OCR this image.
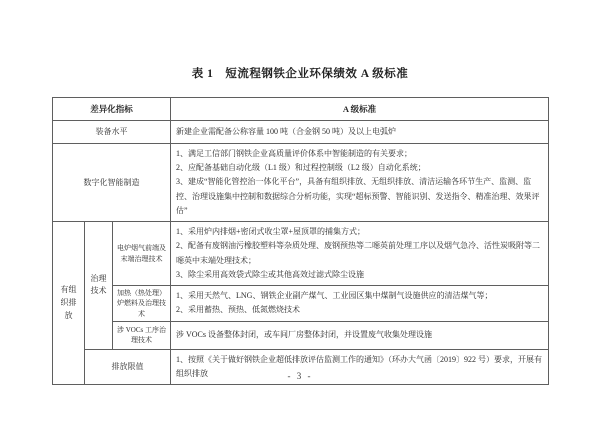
表 1　短流程钢铁企业环保绩效 A 级标准
差异化指标			A 级标准
装备水平			新建企业需配备公称容量 100 吨（合金钢 50 吨）及以上电弧炉

数字化智能制造			1、满足工信部门钢铁企业高质量评价体系中智能制造的有关要求；
2、应配备基础自动化级（L1 级）和过程控制级（L2 级）自动化系统；
3、建成“智能化管控治一体化平台”，具备有组织排放、无组织排放、清洁运输各环节生产、监测、监控、治理设施集中控制和数据综合分析功能，实现“超标预警、智能识别、发送指令、精准治理、效果评估”

有组织排放	治理技术	电炉烟气前端及末端治理技术	1、采用炉内排烟+密闭式收尘罩+屋顶罩的捕集方式；
2、配备有废钢油污橡胶塑料等杂质处理、废钢预热等二噁英前处理工序以及烟气急冷、活性炭吸附等二噁英中末端处理技术；
3、除尘采用高效袋式除尘或其他高效过滤式除尘设施

		加热（热处理）炉燃料及治理技术	1、采用天然气、LNG、钢铁企业副产煤气、工业园区集中煤制气设施供应的清洁煤气等；
2、采用蓄热、预热、低氮燃烧技术

		涉 VOCs 工序治理技术	涉 VOCs 设备整体封闭，或车间厂房整体封闭，并设置废气收集处理设施

	排放限值		1、按照《关于做好钢铁企业超低排放评估监测工作的通知》（环办大气函〔2019〕922 号）要求，开展有组织排放	- 3 -
